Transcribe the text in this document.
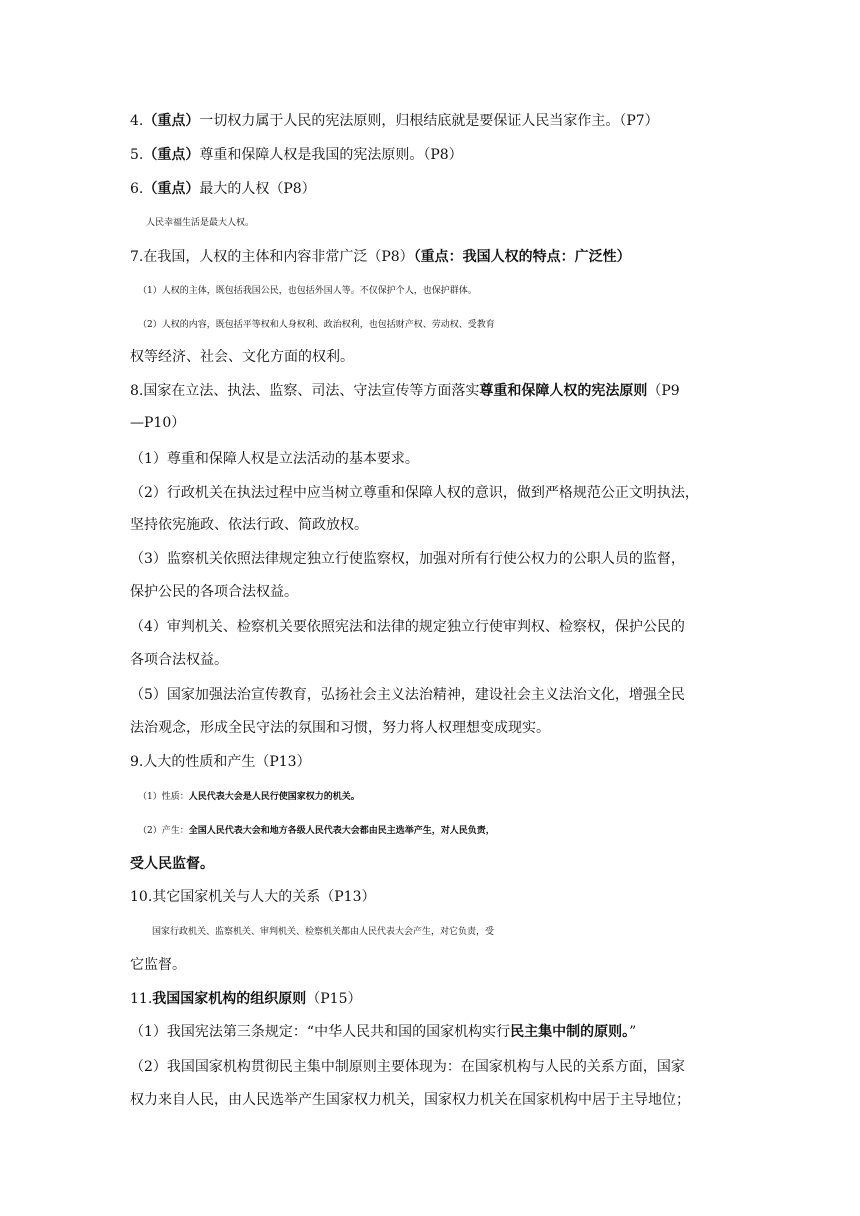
4.（重点）一切权力属于人民的宪法原则，归根结底就是要保证人民当家作主。（P7）
5.（重点）尊重和保障人权是我国的宪法原则。（P8）
6.（重点）最大的人权（P8）
人民幸福生活是最大人权。
7.在我国，人权的主体和内容非常广泛（P8）（重点：我国人权的特点：广泛性）
（1）人权的主体，既包括我国公民，也包括外国人等。不仅保护个人，也保护群体。
（2）人权的内容，既包括平等权和人身权利、政治权利，也包括财产权、劳动权、受教育
权等经济、社会、文化方面的权利。
8.国家在立法、执法、监察、司法、守法宣传等方面落实尊重和保障人权的宪法原则（P9
—P10）
（1）尊重和保障人权是立法活动的基本要求。
（2）行政机关在执法过程中应当树立尊重和保障人权的意识，做到严格规范公正文明执法，
坚持依宪施政、依法行政、简政放权。
（3）监察机关依照法律规定独立行使监察权，加强对所有行使公权力的公职人员的监督，
保护公民的各项合法权益。
（4）审判机关、检察机关要依照宪法和法律的规定独立行使审判权、检察权，保护公民的
各项合法权益。
（5）国家加强法治宣传教育，弘扬社会主义法治精神，建设社会主义法治文化，增强全民
法治观念，形成全民守法的氛围和习惯，努力将人权理想变成现实。
9.人大的性质和产生（P13）
（1）性质：人民代表大会是人民行使国家权力的机关。
（2）产生：全国人民代表大会和地方各级人民代表大会都由民主选举产生，对人民负责，
受人民监督。
10.其它国家机关与人大的关系（P13）
国家行政机关、监察机关、审判机关、检察机关都由人民代表大会产生，对它负责，受
它监督。
11.我国国家机构的组织原则（P15）
（1）我国宪法第三条规定：“中华人民共和国的国家机构实行民主集中制的原则。”
（2）我国国家机构贯彻民主集中制原则主要体现为：在国家机构与人民的关系方面，国家
权力来自人民，由人民选举产生国家权力机关，国家权力机关在国家机构中居于主导地位；
